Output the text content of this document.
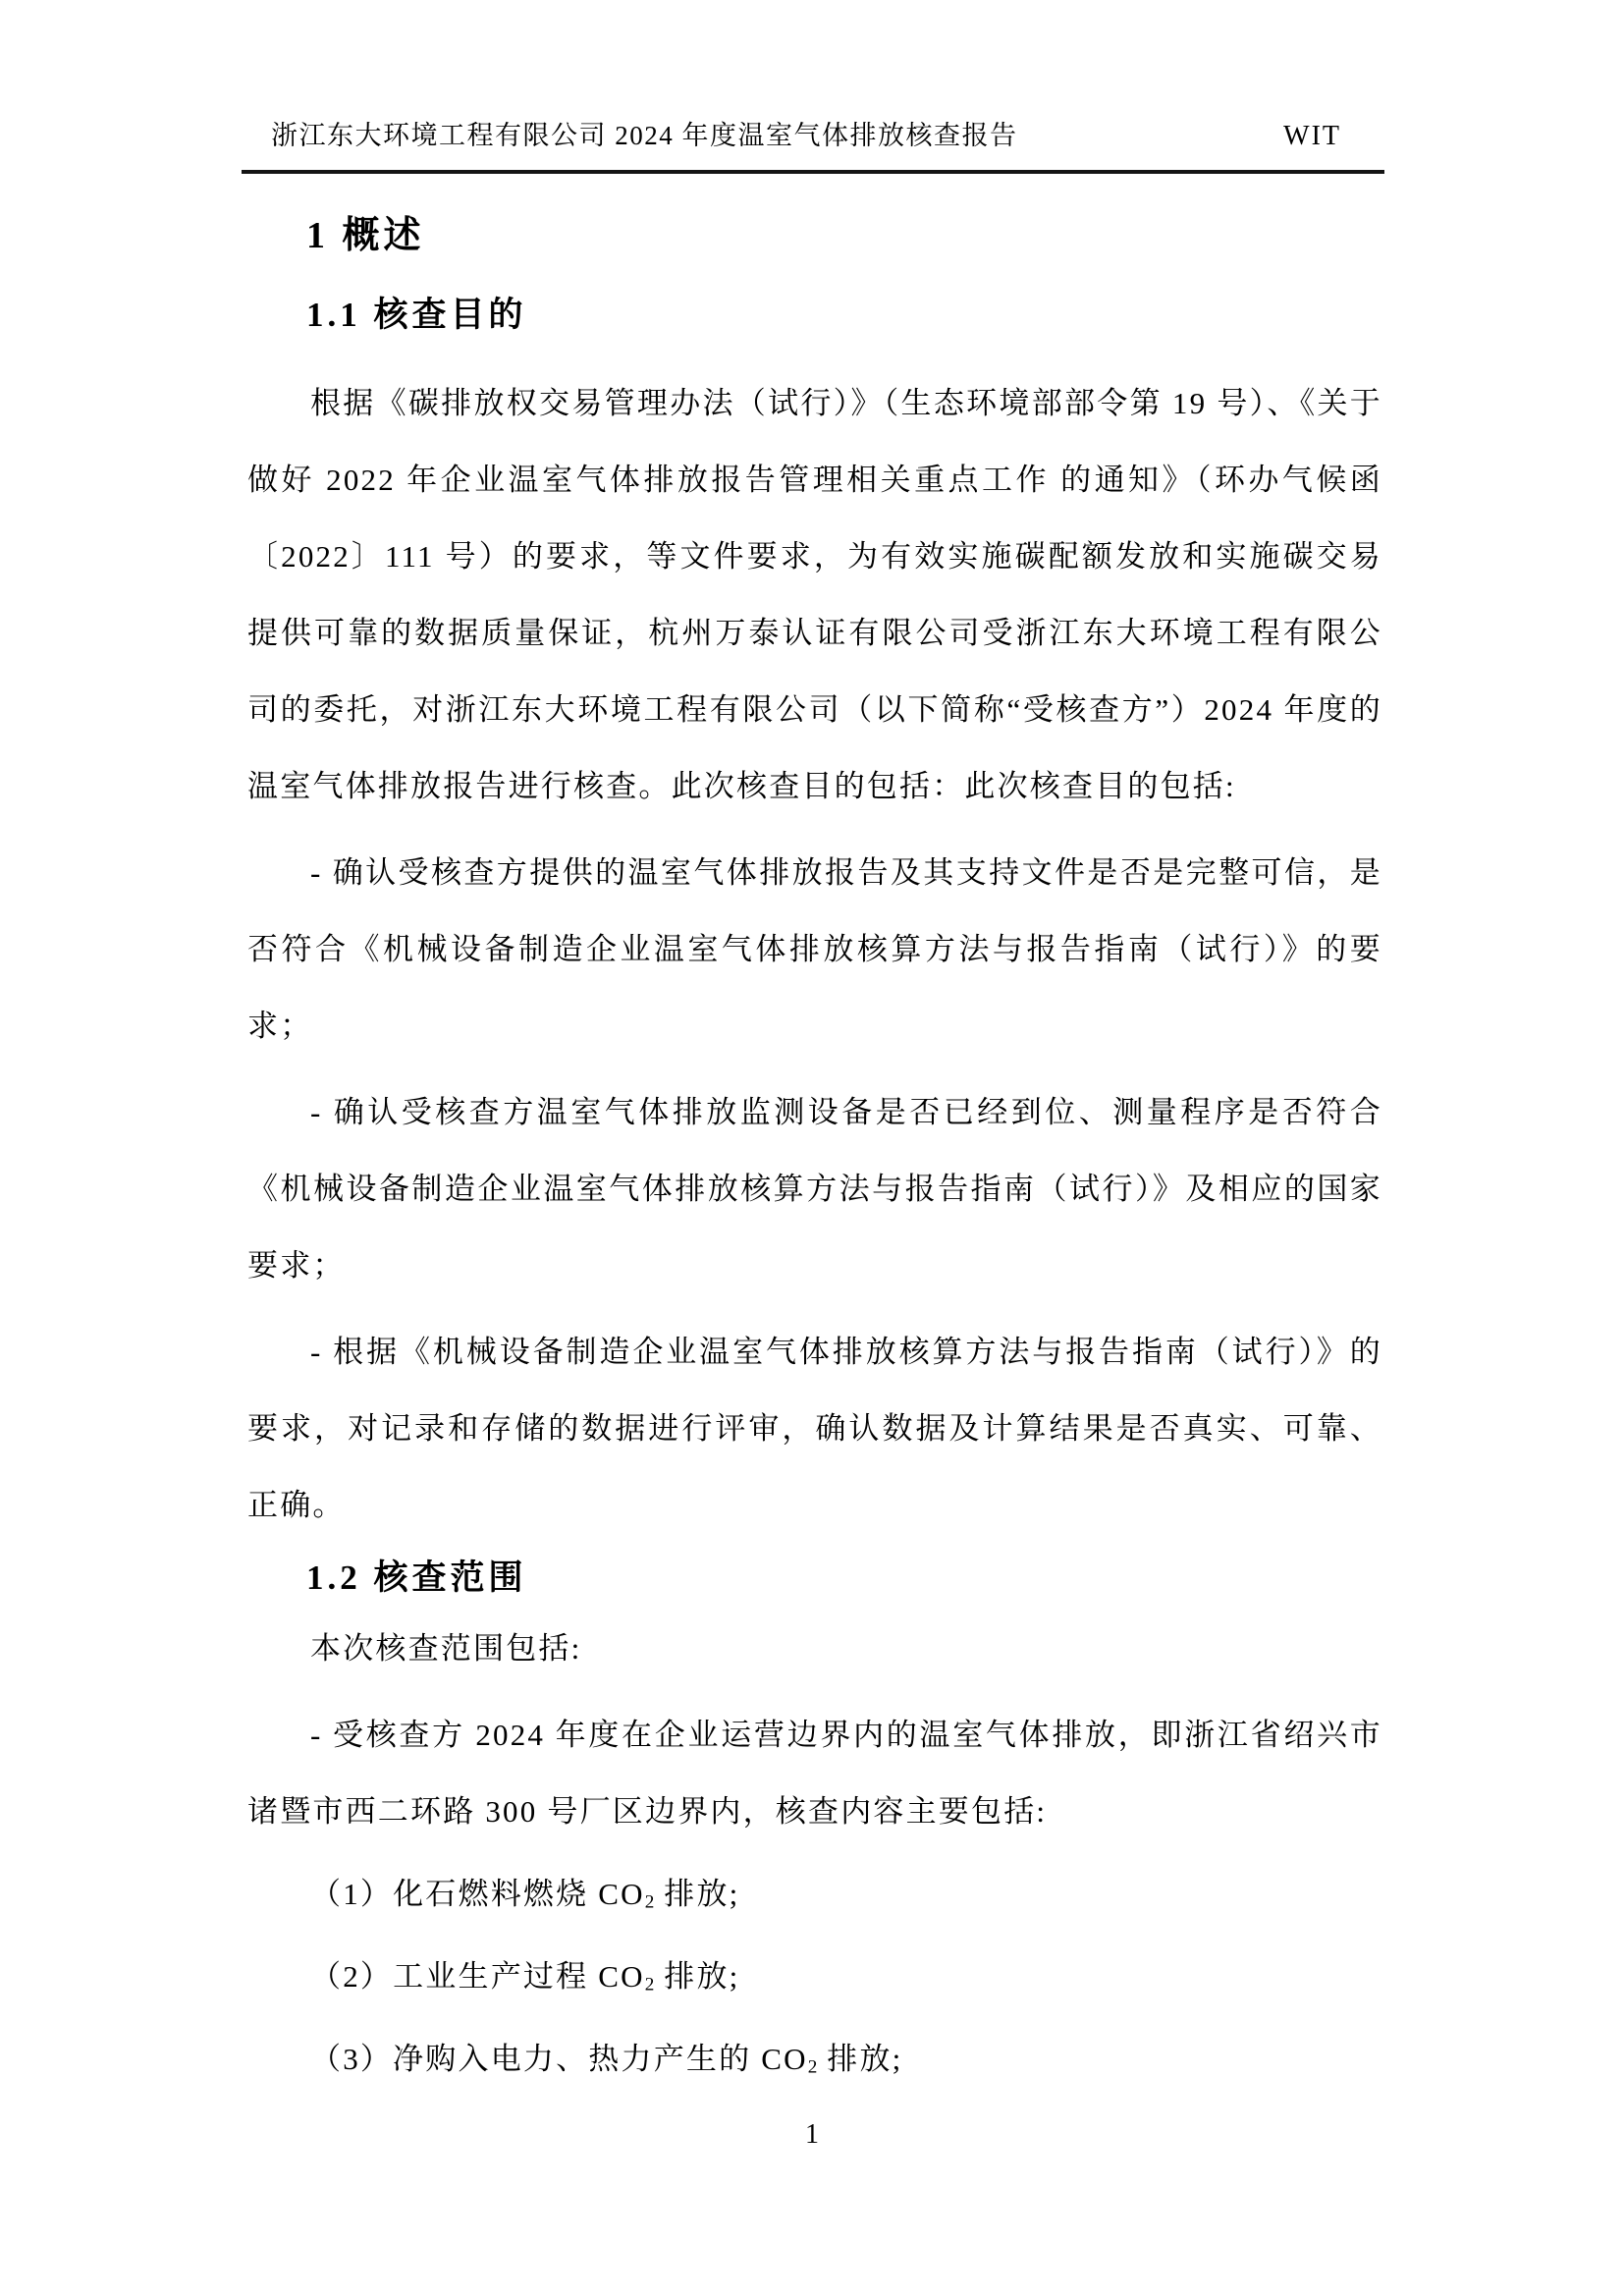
浙江东大环境工程有限公司 2024 年度温室气体排放核查报告	WIT
1 概述
1.1 核查目的

根据《碳排放权交易管理办法（试行）》（生态环境部部令第 19 号）、《关于做好 2022 年企业温室气体排放报告管理相关重点工作 的通知》（环办气候函〔2022〕111 号）的要求，等文件要求，为有效实施碳配额发放和实施碳交易提供可靠的数据质量保证，杭州万泰认证有限公司受浙江东大环境工程有限公司的委托，对浙江东大环境工程有限公司（以下简称“受核查方”）2024 年度的温室气体排放报告进行核查。此次核查目的包括：此次核查目的包括:

- 确认受核查方提供的温室气体排放报告及其支持文件是否是完整可信，是否符合《机械设备制造企业温室气体排放核算方法与报告指南（试行）》的要求；

- 确认受核查方温室气体排放监测设备是否已经到位、测量程序是否符合《机械设备制造企业温室气体排放核算方法与报告指南（试行）》及相应的国家要求；

- 根据《机械设备制造企业温室气体排放核算方法与报告指南（试行）》的要求，对记录和存储的数据进行评审，确认数据及计算结果是否真实、可靠、正确。

1.2 核查范围

本次核查范围包括:

- 受核查方 2024 年度在企业运营边界内的温室气体排放，即浙江省绍兴市诸暨市西二环路 300 号厂区边界内，核查内容主要包括:

（1）化石燃料燃烧 $CO_2$ 排放;

（2）工业生产过程 $CO_2$ 排放;

（3）净购入电力、热力产生的 $CO_2$ 排放;

1
